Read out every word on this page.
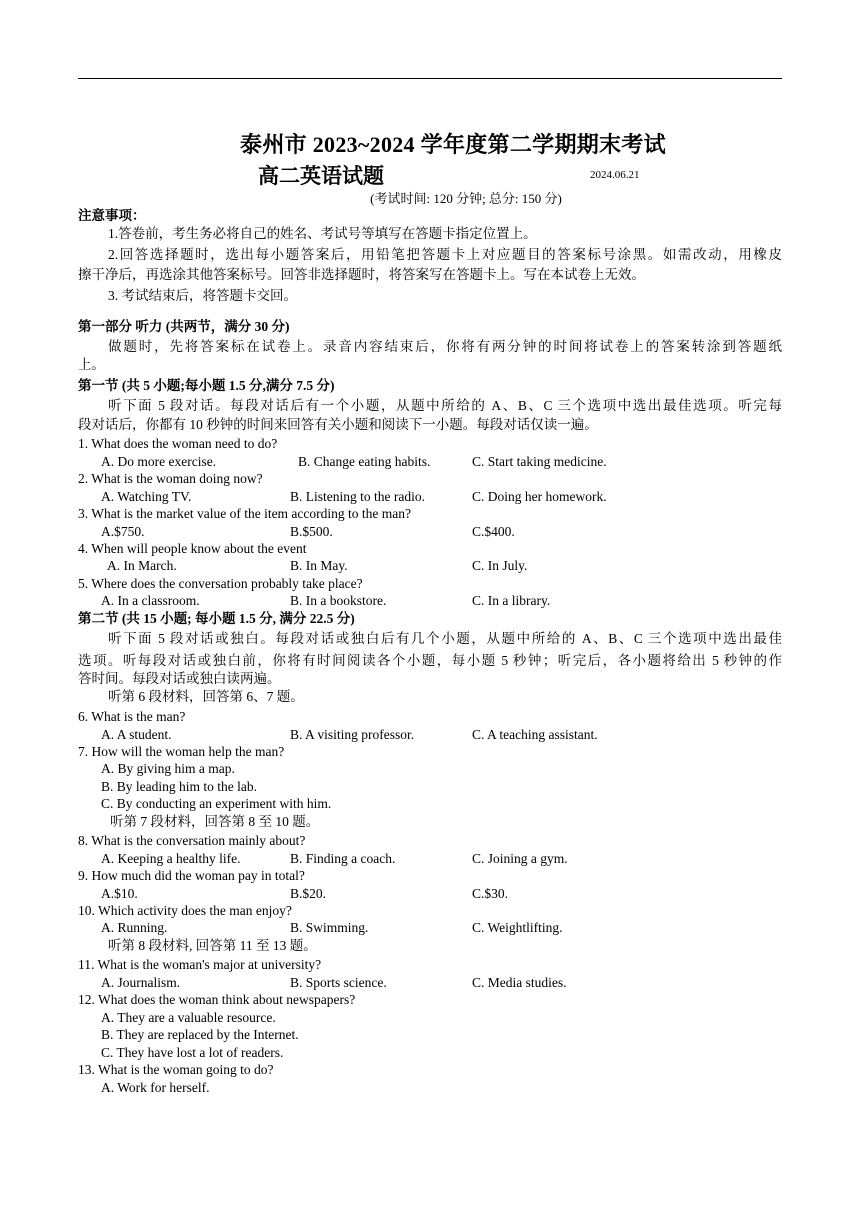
泰州市 2023~2024 学年度第二学期期末考试
高二英语试题	2024.06.21
(考试时间: 120 分钟; 总分: 150 分)
注意事项：
1.答卷前，考生务必将自己的姓名、考试号等填写在答题卡指定位置上。
2.回答选择题时，选出每小题答案后，用铅笔把答题卡上对应题目的答案标号涂黑。如需改动，用橡皮
擦干净后，再选涂其他答案标号。回答非选择题时，将答案写在答题卡上。写在本试卷上无效。
3. 考试结束后，将答题卡交回。
第一部分 听力 (共两节，满分 30 分)
做题时，先将答案标在试卷上。录音内容结束后，你将有两分钟的时间将试卷上的答案转涂到答题纸
上。
第一节 (共 5 小题;每小题 1.5 分,满分 7.5 分)
听下面 5 段对话。每段对话后有一个小题，从题中所给的 A、B、C 三个选项中选出最佳选项。听完每
段对话后，你都有 10 秒钟的时间来回答有关小题和阅读下一小题。每段对话仅读一遍。
1. What does the woman need to do?
A. Do more exercise.	B. Change eating habits.	C. Start taking medicine.
2. What is the woman doing now?
A. Watching TV.	B. Listening to the radio.	C. Doing her homework.
3. What is the market value of the item according to the man?
A.$750.	B.$500.	C.$400.
4. When will people know about the event
A. In March.	B. In May.	C. In July.
5. Where does the conversation probably take place?
A. In a classroom.	B. In a bookstore.	C. In a library.
第二节 (共 15 小题; 每小题 1.5 分, 满分 22.5 分)
听下面 5 段对话或独白。每段对话或独白后有几个小题，从题中所给的 A、B、C 三个选项中选出最佳
选项。听每段对话或独白前，你将有时间阅读各个小题，每小题 5 秒钟；听完后，各小题将给出 5 秒钟的作
答时间。每段对话或独白读两遍。
听第 6 段材料，回答第 6、7 题。
6. What is the man?
A. A student.	B. A visiting professor.	C. A teaching assistant.
7. How will the woman help the man?
A. By giving him a map.
B. By leading him to the lab.
C. By conducting an experiment with him.
听第 7 段材料，回答第 8 至 10 题。
8. What is the conversation mainly about?
A. Keeping a healthy life.	B. Finding a coach.	C. Joining a gym.
9. How much did the woman pay in total?
A.$10.	B.$20.	C.$30.
10. Which activity does the man enjoy?
A. Running.	B. Swimming.	C. Weightlifting.
听第 8 段材料, 回答第 11 至 13 题。
11. What is the woman's major at university?
A. Journalism.	B. Sports science.	C. Media studies.
12. What does the woman think about newspapers?
A. They are a valuable resource.
B. They are replaced by the Internet.
C. They have lost a lot of readers.
13. What is the woman going to do?
A. Work for herself.
